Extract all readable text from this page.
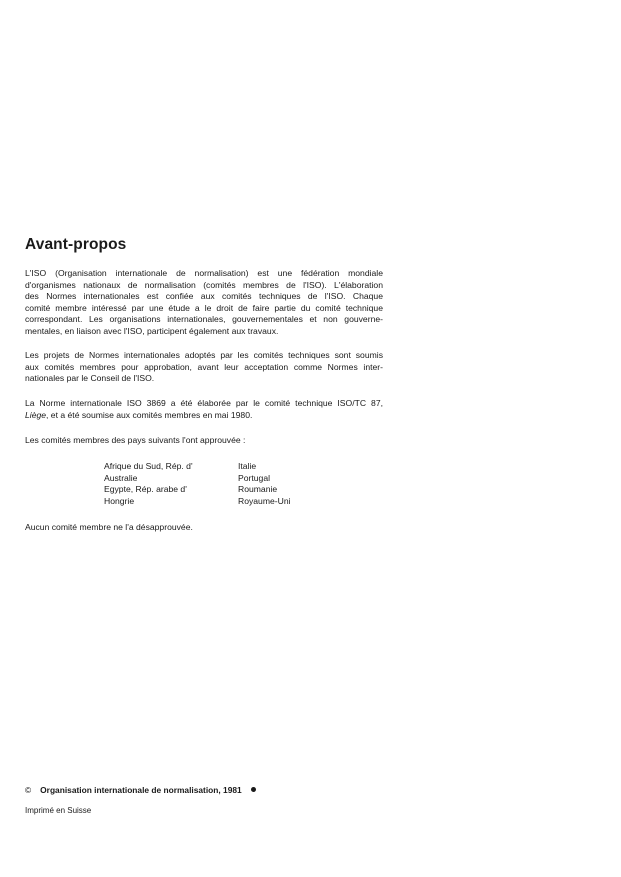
Avant-propos

L'ISO (Organisation internationale de normalisation) est une fédération mondiale
d'organismes nationaux de normalisation (comités membres de l'ISO). L'élaboration
des Normes internationales est confiée aux comités techniques de l'ISO. Chaque
comité membre intéressé par une étude a le droit de faire partie du comité technique
correspondant. Les organisations internationales, gouvernementales et non gouverne-
mentales, en liaison avec l'ISO, participent également aux travaux.

Les projets de Normes internationales adoptés par les comités techniques sont soumis
aux comités membres pour approbation, avant leur acceptation comme Normes inter-
nationales par le Conseil de l'ISO.

La Norme internationale ISO 3869 a été élaborée par le comité technique ISO/TC 87,
Liège, et a été soumise aux comités membres en mai 1980.

Les comités membres des pays suivants l'ont approuvée :

Afrique du Sud, Rép. d'
Australie
Egypte, Rép. arabe d'
Hongrie
Italie
Portugal
Roumanie
Royaume-Uni

Aucun comité membre ne l'a désapprouvée.

© Organisation internationale de normalisation, 1981
Imprimé en Suisse
